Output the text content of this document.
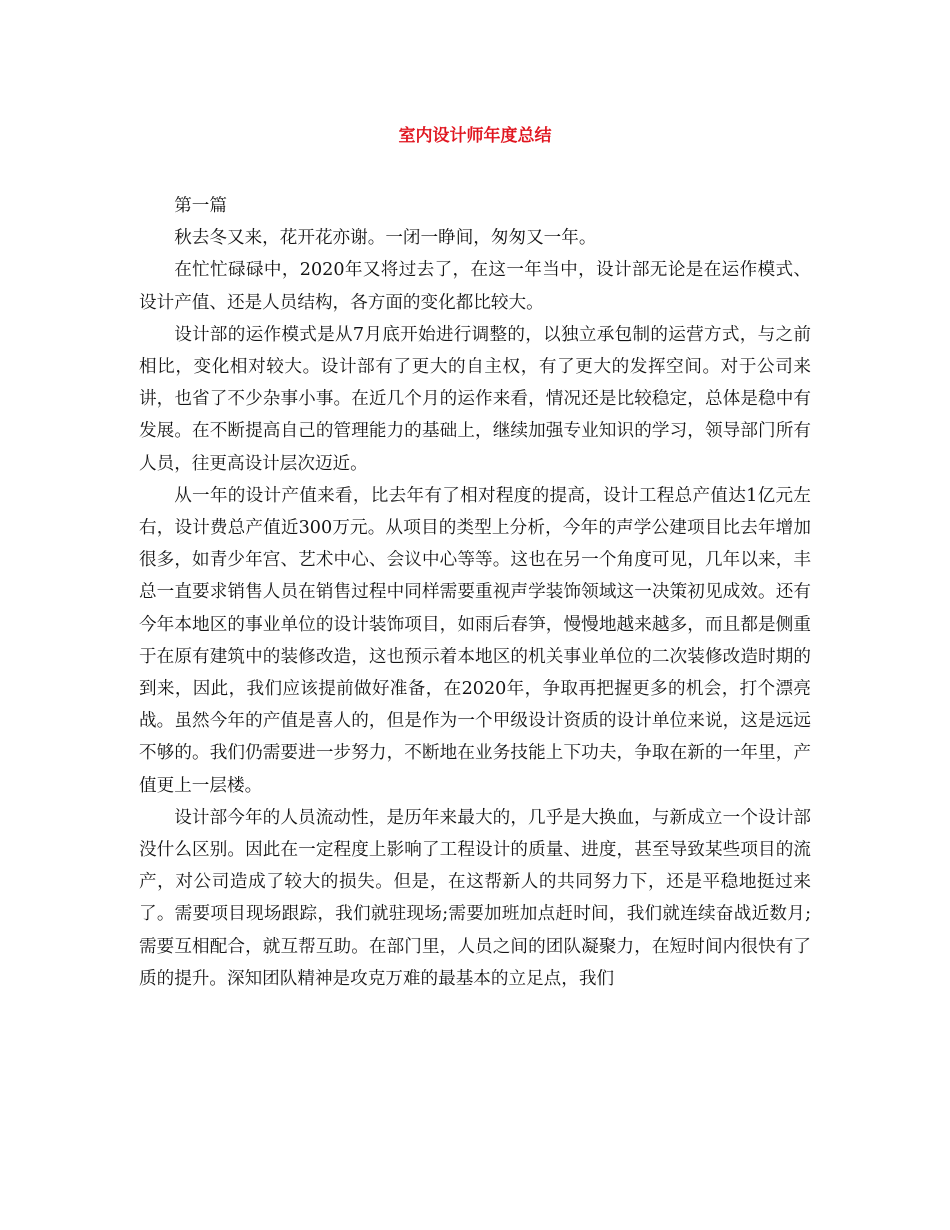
室内设计师年度总结

第一篇

秋去冬又来，花开花亦谢。一闭一睁间，匆匆又一年。

在忙忙碌碌中，2020年又将过去了，在这一年当中，设计部无论是在运作模式、设计产值、还是人员结构，各方面的变化都比较大。

设计部的运作模式是从7月底开始进行调整的，以独立承包制的运营方式，与之前相比，变化相对较大。设计部有了更大的自主权，有了更大的发挥空间。对于公司来讲，也省了不少杂事小事。在近几个月的运作来看，情况还是比较稳定，总体是稳中有发展。在不断提高自己的管理能力的基础上，继续加强专业知识的学习，领导部门所有人员，往更高设计层次迈近。

从一年的设计产值来看，比去年有了相对程度的提高，设计工程总产值达1亿元左右，设计费总产值近300万元。从项目的类型上分析，今年的声学公建项目比去年增加很多，如青少年宫、艺术中心、会议中心等等。这也在另一个角度可见，几年以来，丰总一直要求销售人员在销售过程中同样需要重视声学装饰领域这一决策初见成效。还有今年本地区的事业单位的设计装饰项目，如雨后春笋，慢慢地越来越多，而且都是侧重于在原有建筑中的装修改造，这也预示着本地区的机关事业单位的二次装修改造时期的到来，因此，我们应该提前做好准备，在2020年，争取再把握更多的机会，打个漂亮战。虽然今年的产值是喜人的，但是作为一个甲级设计资质的设计单位来说，这是远远不够的。我们仍需要进一步努力，不断地在业务技能上下功夫，争取在新的一年里，产值更上一层楼。

设计部今年的人员流动性，是历年来最大的，几乎是大换血，与新成立一个设计部没什么区别。因此在一定程度上影响了工程设计的质量、进度，甚至导致某些项目的流产，对公司造成了较大的损失。但是，在这帮新人的共同努力下，还是平稳地挺过来了。需要项目现场跟踪，我们就驻现场;需要加班加点赶时间，我们就连续奋战近数月;需要互相配合，就互帮互助。在部门里，人员之间的团队凝聚力，在短时间内很快有了质的提升。深知团队精神是攻克万难的最基本的立足点，我们
